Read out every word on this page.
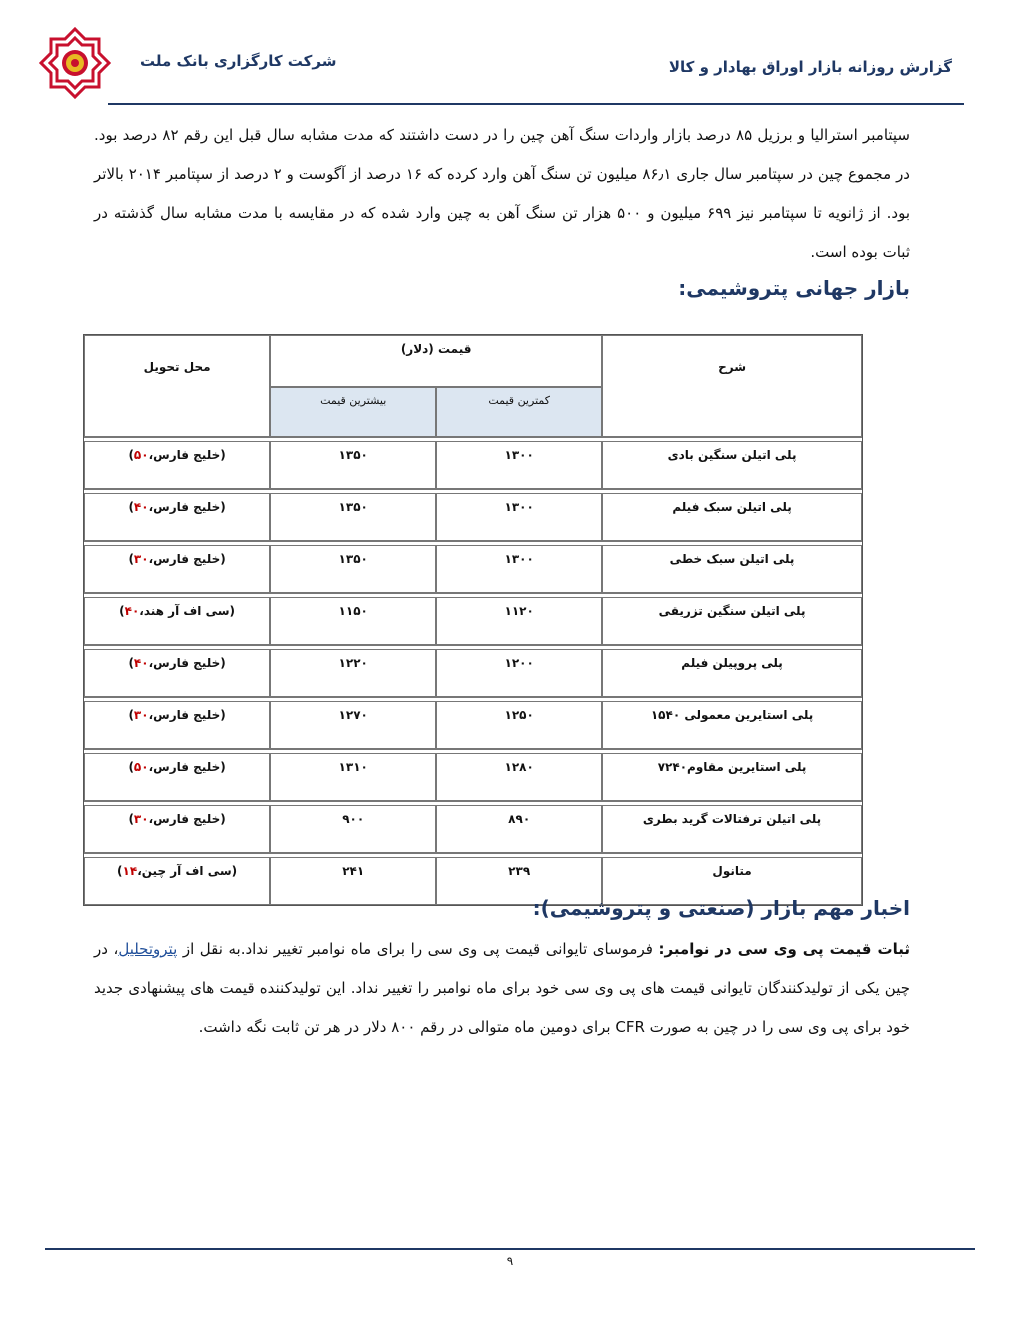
شرکت کارگزاری بانک ملت	گزارش روزانه بازار اوراق بهادار و کالا
سپتامبر استرالیا و برزیل ۸۵ درصد بازار واردات سنگ آهن چین را در دست داشتند که مدت مشابه سال قبل این رقم ۸۲ درصد بود. در مجموع چین در سپتامبر سال جاری ۸۶٫۱ میلیون تن سنگ آهن وارد کرده که ۱۶ درصد از آگوست و ۲ درصد از سپتامبر ۲۰۱۴ بالاتر بود. از ژانویه تا سپتامبر نیز ۶۹۹ میلیون و ۵۰۰ هزار تن سنگ آهن به چین وارد شده که در مقایسه با مدت مشابه سال گذشته در ثبات بوده است.
بازار جهانی پتروشیمی:
شرح	قیمت (دلار)		محل تحویل
	کمترین قیمت	بیشترین قیمت	

پلی اتیلن سنگین بادی	۱۳۰۰	۱۳۵۰	(خلیج فارس،۵۰)

پلی اتیلن سبک فیلم	۱۳۰۰	۱۳۵۰	(خلیج فارس،۴۰)

پلی اتیلن سبک خطی	۱۳۰۰	۱۳۵۰	(خلیج فارس،۳۰)

پلی اتیلن سنگین تزریقی	۱۱۲۰	۱۱۵۰	(سی اف آر هند،۴۰)

پلی پروپیلن فیلم	۱۲۰۰	۱۲۲۰	(خلیج فارس،۴۰)

پلی استایرین معمولی ۱۵۴۰	۱۲۵۰	۱۲۷۰	(خلیج فارس،۳۰)

پلی استایرین مقاوم۷۲۴۰	۱۲۸۰	۱۳۱۰	(خلیج فارس،۵۰)

پلی اتیلن ترفتالات گرید بطری	۸۹۰	۹۰۰	(خلیج فارس،۳۰)

متانول	۲۳۹	۲۴۱	(سی اف آر چین،۱۴)
اخبار مهم بازار (صنعتی و پتروشیمی):
ثبات قیمت پی وی سی در نوامبر: فرموسای تایوانی قیمت پی وی سی را برای ماه نوامبر تغییر نداد.به نقل از پتروتحلیل، در چین یکی از تولیدکنندگان تایوانی قیمت های پی وی سی خود برای ماه نوامبر را تغییر نداد. این تولیدکننده قیمت های پیشنهادی جدید خود برای پی وی سی را در چین به صورت CFR برای دومین ماه متوالی در رقم ۸۰۰ دلار در هر تن ثابت نگه داشت.
۹
